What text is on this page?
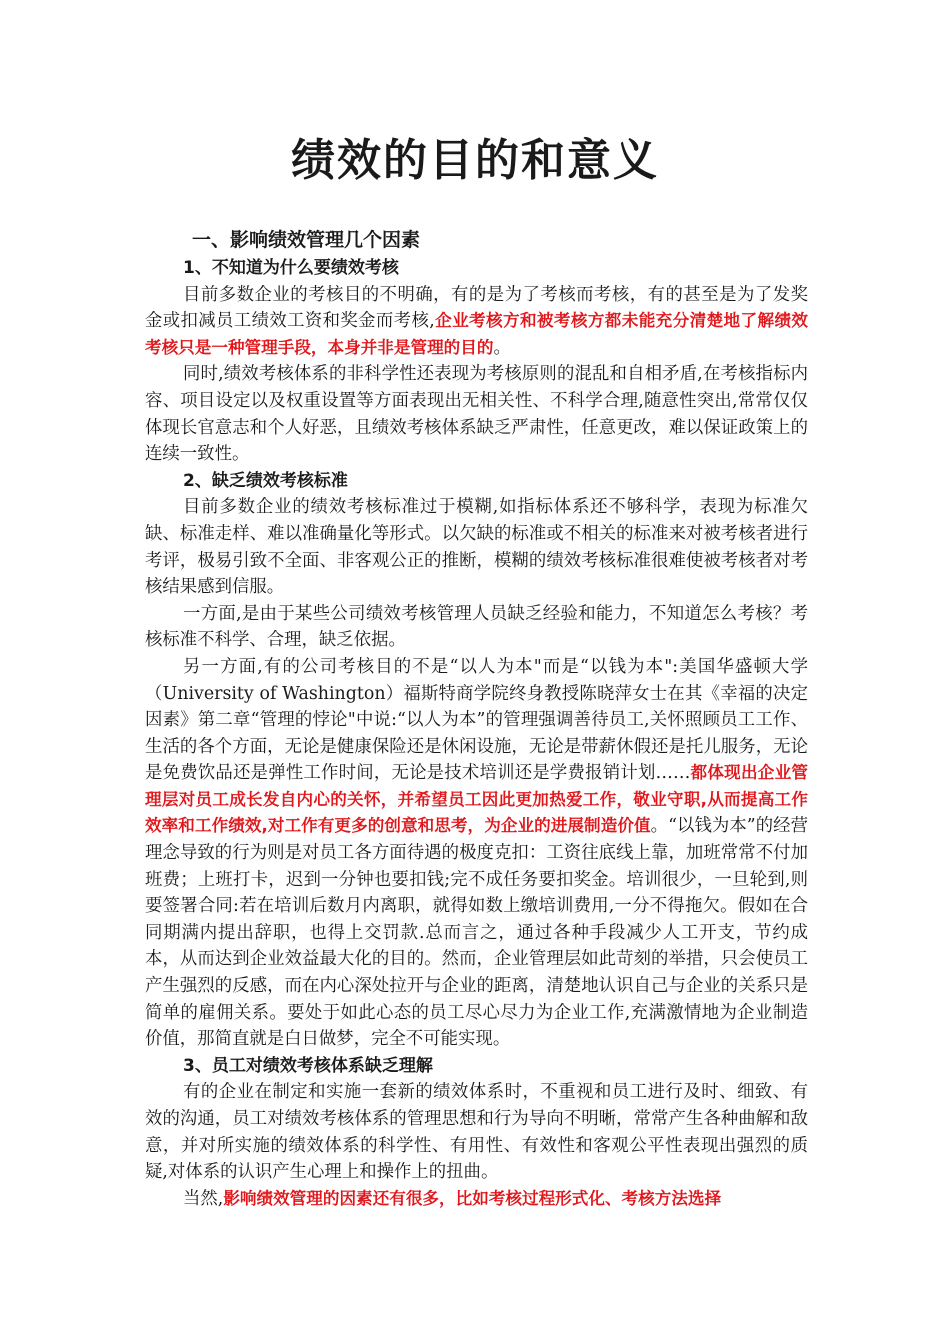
绩效的目的和意义
一、影响绩效管理几个因素
1、不知道为什么要绩效考核

目前多数企业的考核目的不明确，有的是为了考核而考核，有的甚至是为了发奖金或扣减员工绩效工资和奖金而考核,企业考核方和被考核方都未能充分清楚地了解绩效考核只是一种管理手段，本身并非是管理的目的。

同时,绩效考核体系的非科学性还表现为考核原则的混乱和自相矛盾,在考核指标内容、项目设定以及权重设置等方面表现出无相关性、不科学合理,随意性突出,常常仅仅体现长官意志和个人好恶，且绩效考核体系缺乏严肃性，任意更改，难以保证政策上的连续一致性。

2、缺乏绩效考核标准

目前多数企业的绩效考核标准过于模糊,如指标体系还不够科学，表现为标准欠缺、标准走样、难以准确量化等形式。以欠缺的标准或不相关的标准来对被考核者进行考评，极易引致不全面、非客观公正的推断，模糊的绩效考核标准很难使被考核者对考核结果感到信服。

一方面,是由于某些公司绩效考核管理人员缺乏经验和能力，不知道怎么考核？考核标准不科学、合理，缺乏依据。

另一方面,有的公司考核目的不是“以人为本"而是“以钱为本":美国华盛顿大学（University of Washington）福斯特商学院终身教授陈晓萍女士在其《幸福的决定因素》第二章“管理的悖论"中说:“以人为本”的管理强调善待员工,关怀照顾员工工作、生活的各个方面，无论是健康保险还是休闲设施，无论是带薪休假还是托儿服务，无论是免费饮品还是弹性工作时间，无论是技术培训还是学费报销计划……都体现出企业管理层对员工成长发自内心的关怀，并希望员工因此更加热爱工作，敬业守职,从而提高工作效率和工作绩效,对工作有更多的创意和思考，为企业的进展制造价值。“以钱为本”的经营理念导致的行为则是对员工各方面待遇的极度克扣：工资往底线上靠，加班常常不付加班费；上班打卡，迟到一分钟也要扣钱;完不成任务要扣奖金。培训很少，一旦轮到,则要签署合同:若在培训后数月内离职，就得如数上缴培训费用,一分不得拖欠。假如在合同期满内提出辞职，也得上交罚款.总而言之，通过各种手段减少人工开支，节约成本，从而达到企业效益最大化的目的。然而，企业管理层如此苛刻的举措，只会使员工产生强烈的反感，而在内心深处拉开与企业的距离，清楚地认识自己与企业的关系只是简单的雇佣关系。要处于如此心态的员工尽心尽力为企业工作,充满激情地为企业制造价值，那简直就是白日做梦，完全不可能实现。

3、员工对绩效考核体系缺乏理解

有的企业在制定和实施一套新的绩效体系时，不重视和员工进行及时、细致、有效的沟通，员工对绩效考核体系的管理思想和行为导向不明晰，常常产生各种曲解和敌意，并对所实施的绩效体系的科学性、有用性、有效性和客观公平性表现出强烈的质疑,对体系的认识产生心理上和操作上的扭曲。

当然,影响绩效管理的因素还有很多，比如考核过程形式化、考核方法选择
